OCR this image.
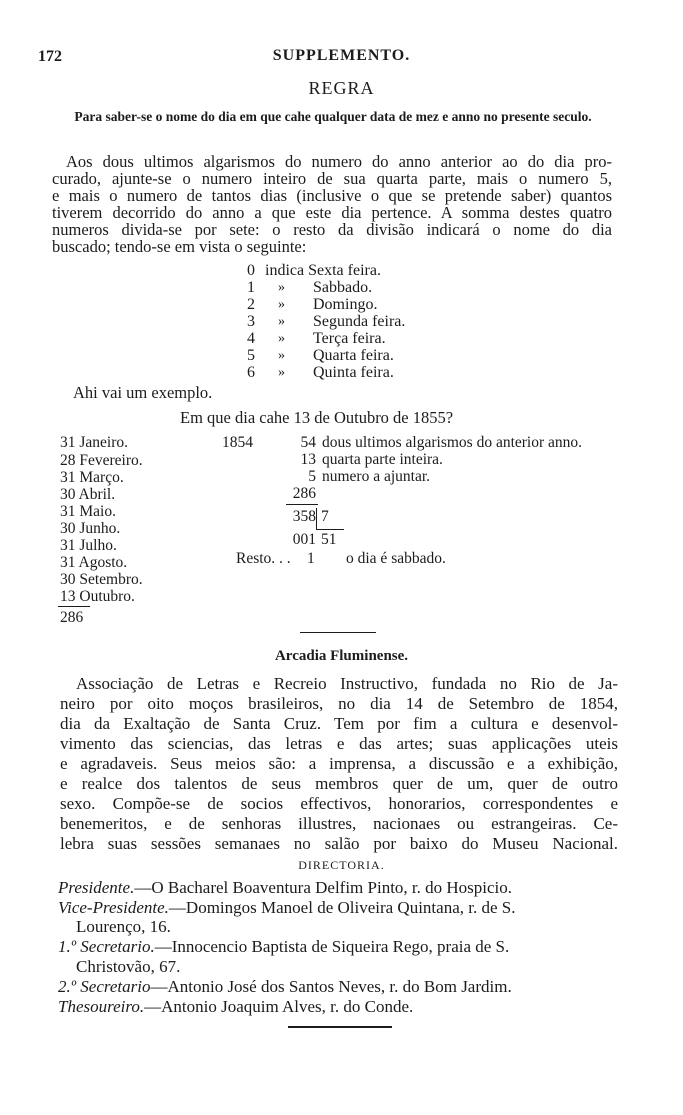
172	SUPPLEMENTO.
REGRA
Para saber-se o nome do dia em que cahe qualquer data de mez e anno no presente seculo.
Aos dous ultimos algarismos do numero do anno anterior ao do dia pro-
curado, ajunte-se o numero inteiro de sua quarta parte, mais o numero 5,
e mais o numero de tantos dias (inclusive o que se pretende saber) quantos
tiverem decorrido do anno a que este dia pertence. A somma destes quatro
numeros divida-se por sete: o resto da divisão indicará o nome do dia
buscado; tendo-se em vista o seguinte:
0 indica Sexta feira.
1 » Sabbado.
2 » Domingo.
3 » Segunda feira.
4 » Terça feira.
5 » Quarta feira.
6 » Quinta feira.
Ahi vai um exemplo.
Em que dia cahe 13 de Outubro de 1855?
31 Janeiro.
28 Fevereiro.
31 Março.
30 Abril.
31 Maio.
30 Junho.
31 Julho.
31 Agosto.
30 Setembro.
13 Outubro.
286
1854	54 dous ultimos algarismos do anterior anno.
13 quarta parte inteira.
5 numero a ajuntar.
286
358 7
001 51
Resto. . . 1 o dia é sabbado.
Arcadia Fluminense.
Associação de Letras e Recreio Instructivo, fundada no Rio de Ja-
neiro por oito moços brasileiros, no dia 14 de Setembro de 1854,
dia da Exaltação de Santa Cruz. Tem por fim a cultura e desenvol-
vimento das sciencias, das letras e das artes; suas applicações uteis
e agradaveis. Seus meios são: a imprensa, a discussão e a exhibição,
e realce dos talentos de seus membros quer de um, quer de outro
sexo. Compõe-se de socios effectivos, honorarios, correspondentes e
benemeritos, e de senhoras illustres, nacionaes ou estrangeiras. Ce-
lebra suas sessões semanaes no salão por baixo do Museu Nacional.
DIRECTORIA.
Presidente.—O Bacharel Boaventura Delfim Pinto, r. do Hospicio.
Vice-Presidente.—Domingos Manoel de Oliveira Quintana, r. de S.
Lourenço, 16.
1.º Secretario.—Innocencio Baptista de Siqueira Rego, praia de S.
Christovão, 67.
2.º Secretario—Antonio José dos Santos Neves, r. do Bom Jardim.
Thesoureiro.—Antonio Joaquim Alves, r. do Conde.
